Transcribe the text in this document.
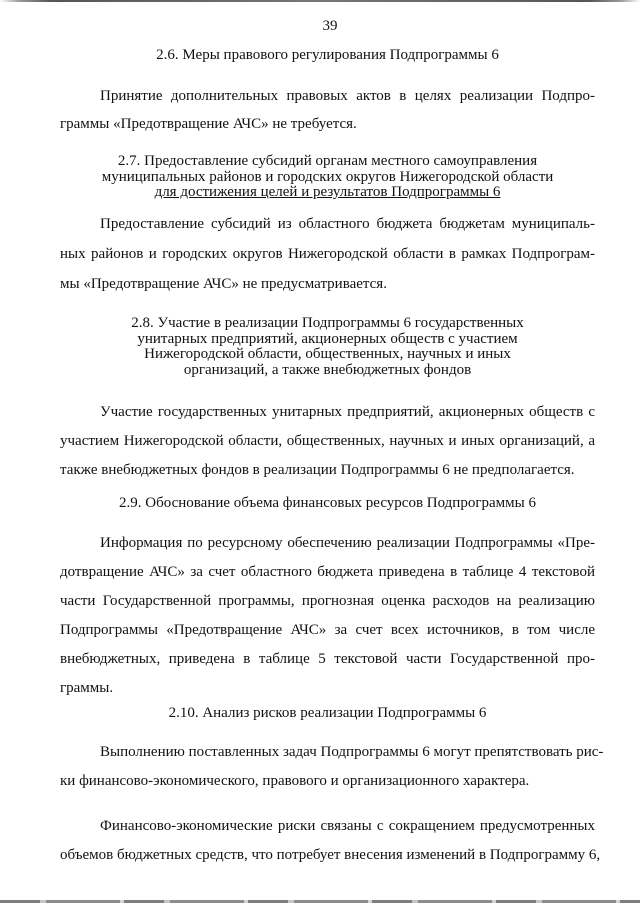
39
2.6. Меры правового регулирования Подпрограммы 6
Принятие дополнительных правовых актов в целях реализации Подпро-
граммы «Предотвращение АЧС» не требуется.
2.7. Предоставление субсидий органам местного самоуправления
муниципальных районов и городских округов Нижегородской области
для достижения целей и результатов Подпрограммы 6
Предоставление субсидий из областного бюджета бюджетам муниципаль-
ных районов и городских округов Нижегородской области в рамках Подпрограм-
мы «Предотвращение АЧС» не предусматривается.
2.8. Участие в реализации Подпрограммы 6 государственных
унитарных предприятий, акционерных обществ с участием
Нижегородской области, общественных, научных и иных
организаций, а также внебюджетных фондов
Участие государственных унитарных предприятий, акционерных обществ с
участием Нижегородской области, общественных, научных и иных организаций, а
также внебюджетных фондов в реализации Подпрограммы 6 не предполагается.
2.9. Обоснование объема финансовых ресурсов Подпрограммы 6
Информация по ресурсному обеспечению реализации Подпрограммы «Пре-
дотвращение АЧС» за счет областного бюджета приведена в таблице 4 текстовой
части Государственной программы, прогнозная оценка расходов на реализацию
Подпрограммы «Предотвращение АЧС» за счет всех источников, в том числе
внебюджетных, приведена в таблице 5 текстовой части Государственной про-
граммы.
2.10. Анализ рисков реализации Подпрограммы 6
Выполнению поставленных задач Подпрограммы 6 могут препятствовать рис-
ки финансово-экономического, правового и организационного характера.
Финансово-экономические риски связаны с сокращением предусмотренных
объемов бюджетных средств, что потребует внесения изменений в Подпрограмму 6,
